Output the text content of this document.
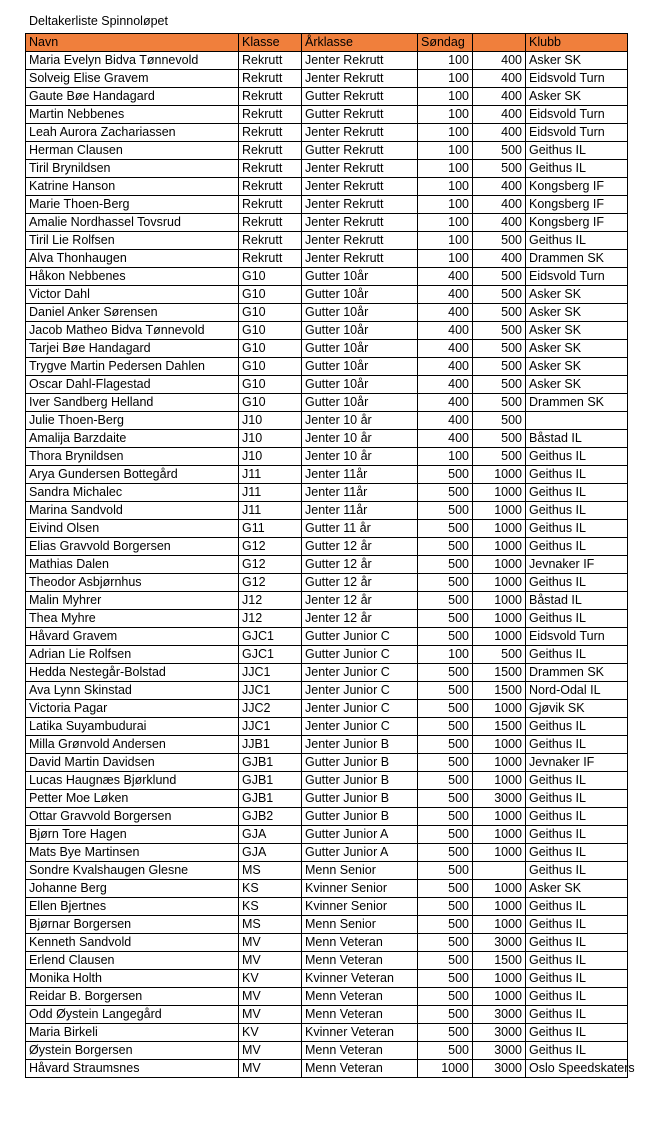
Deltakerliste Spinnoløpet
Navn	Klasse	Årklasse	Søndag		Klubb
Maria Evelyn Bidva Tønnevold	Rekrutt	Jenter Rekrutt	100	400	Asker SK
Solveig Elise Gravem	Rekrutt	Jenter Rekrutt	100	400	Eidsvold Turn
Gaute Bøe Handagard	Rekrutt	Gutter Rekrutt	100	400	Asker SK
Martin Nebbenes	Rekrutt	Gutter Rekrutt	100	400	Eidsvold Turn
Leah Aurora Zachariassen	Rekrutt	Jenter Rekrutt	100	400	Eidsvold Turn
Herman Clausen	Rekrutt	Gutter Rekrutt	100	500	Geithus IL
Tiril Brynildsen	Rekrutt	Jenter Rekrutt	100	500	Geithus IL
Katrine Hanson	Rekrutt	Jenter Rekrutt	100	400	Kongsberg IF
Marie Thoen-Berg	Rekrutt	Jenter Rekrutt	100	400	Kongsberg IF
Amalie Nordhassel Tovsrud	Rekrutt	Jenter Rekrutt	100	400	Kongsberg IF
Tiril Lie Rolfsen	Rekrutt	Jenter Rekrutt	100	500	Geithus IL
Alva Thonhaugen	Rekrutt	Jenter Rekrutt	100	400	Drammen SK
Håkon Nebbenes	G10	Gutter 10år	400	500	Eidsvold Turn
Victor Dahl	G10	Gutter 10år	400	500	Asker SK
Daniel Anker Sørensen	G10	Gutter 10år	400	500	Asker SK
Jacob Matheo Bidva Tønnevold	G10	Gutter 10år	400	500	Asker SK
Tarjei Bøe Handagard	G10	Gutter 10år	400	500	Asker SK
Trygve Martin Pedersen Dahlen	G10	Gutter 10år	400	500	Asker SK
Oscar Dahl-Flagestad	G10	Gutter 10år	400	500	Asker SK
Iver Sandberg Helland	G10	Gutter 10år	400	500	Drammen SK
Julie Thoen-Berg	J10	Jenter 10 år	400	500	
Amalija Barzdaite	J10	Jenter 10 år	400	500	Båstad IL
Thora Brynildsen	J10	Jenter 10 år	100	500	Geithus IL
Arya Gundersen Bottegård	J11	Jenter 11år	500	1000	Geithus IL
Sandra Michalec	J11	Jenter 11år	500	1000	Geithus IL
Marina Sandvold	J11	Jenter 11år	500	1000	Geithus IL
Eivind Olsen	G11	Gutter 11 år	500	1000	Geithus IL
Elias Gravvold Borgersen	G12	Gutter 12 år	500	1000	Geithus IL
Mathias Dalen	G12	Gutter 12 år	500	1000	Jevnaker IF
Theodor Asbjørnhus	G12	Gutter 12 år	500	1000	Geithus IL
Malin Myhrer	J12	Jenter 12 år	500	1000	Båstad IL
Thea Myhre	J12	Jenter 12 år	500	1000	Geithus IL
Håvard Gravem	GJC1	Gutter Junior C	500	1000	Eidsvold Turn
Adrian Lie Rolfsen	GJC1	Gutter Junior C	100	500	Geithus IL
Hedda Nestegår-Bolstad	JJC1	Jenter Junior C	500	1500	Drammen SK
Ava Lynn Skinstad	JJC1	Jenter Junior C	500	1500	Nord-Odal IL
Victoria Pagar	JJC2	Jenter Junior C	500	1000	Gjøvik SK
Latika Suyambudurai	JJC1	Jenter Junior C	500	1500	Geithus IL
Milla Grønvold Andersen	JJB1	Jenter Junior B	500	1000	Geithus IL
David Martin Davidsen	GJB1	Gutter Junior B	500	1000	Jevnaker IF
Lucas Haugnæs Bjørklund	GJB1	Gutter Junior B	500	1000	Geithus IL
Petter Moe Løken	GJB1	Gutter Junior B	500	3000	Geithus IL
Ottar Gravvold Borgersen	GJB2	Gutter Junior B	500	1000	Geithus IL
Bjørn Tore Hagen	GJA	Gutter Junior A	500	1000	Geithus IL
Mats Bye Martinsen	GJA	Gutter Junior A	500	1000	Geithus IL
Sondre Kvalshaugen Glesne	MS	Menn Senior	500		Geithus IL
Johanne Berg	KS	Kvinner Senior	500	1000	Asker SK
Ellen Bjertnes	KS	Kvinner Senior	500	1000	Geithus IL
Bjørnar Borgersen	MS	Menn Senior	500	1000	Geithus IL
Kenneth Sandvold	MV	Menn Veteran	500	3000	Geithus IL
Erlend Clausen	MV	Menn Veteran	500	1500	Geithus IL
Monika Holth	KV	Kvinner Veteran	500	1000	Geithus IL
Reidar B. Borgersen	MV	Menn Veteran	500	1000	Geithus IL
Odd Øystein Langegård	MV	Menn Veteran	500	3000	Geithus IL
Maria Birkeli	KV	Kvinner Veteran	500	3000	Geithus IL
Øystein Borgersen	MV	Menn Veteran	500	3000	Geithus IL
Håvard Straumsnes	MV	Menn Veteran	1000	3000	Oslo Speedskaters
